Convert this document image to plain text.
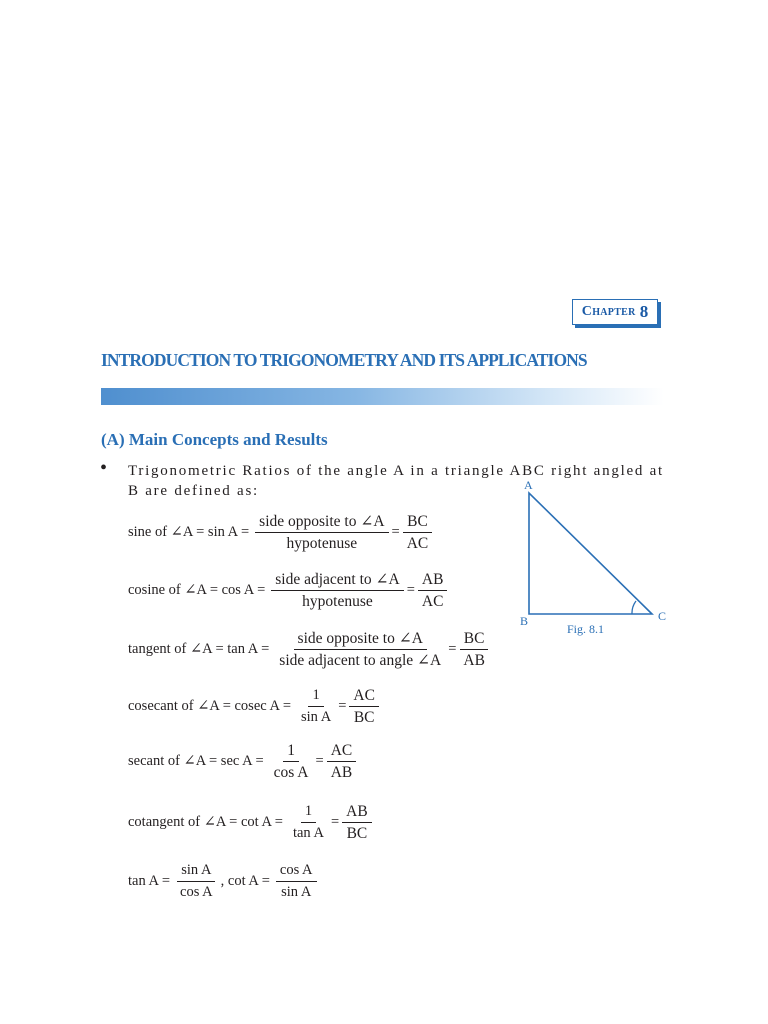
Chapter 8
INTRODUCTION TO TRIGONOMETRY AND ITS APPLICATIONS
(A) Main Concepts and Results
• Trigonometric Ratios of the angle A in a triangle ABC right angled at B are defined as:	A
B	C
Fig. 8.1
sine of ∠A = $\sin A = \frac{\text{side opposite to ∠A}}{\text{hypotenuse}} = \frac{BC}{AC}$
cosine of ∠A = $\cos A = \frac{\text{side adjacent to ∠A}}{\text{hypotenuse}} = \frac{AB}{AC}$
tangent of ∠A = $\tan A = \frac{\text{side opposite to ∠A}}{\text{side adjacent to angle ∠A}} = \frac{BC}{AB}$
cosecant of ∠A = cosec $A = \frac{1}{\text{sin A}} = \frac{AC}{BC}$
secant of ∠A = $\sec A = \frac{1}{\text{cos A}} = \frac{AC}{AB}$
cotangent of ∠A = $\cot A = \frac{1}{\text{tan A}} = \frac{AB}{BC}$
$\tan A = \frac{\text{sin A}}{\text{cos A}}$ , $\cot A = \frac{\text{cos A}}{\text{sin A}}$
